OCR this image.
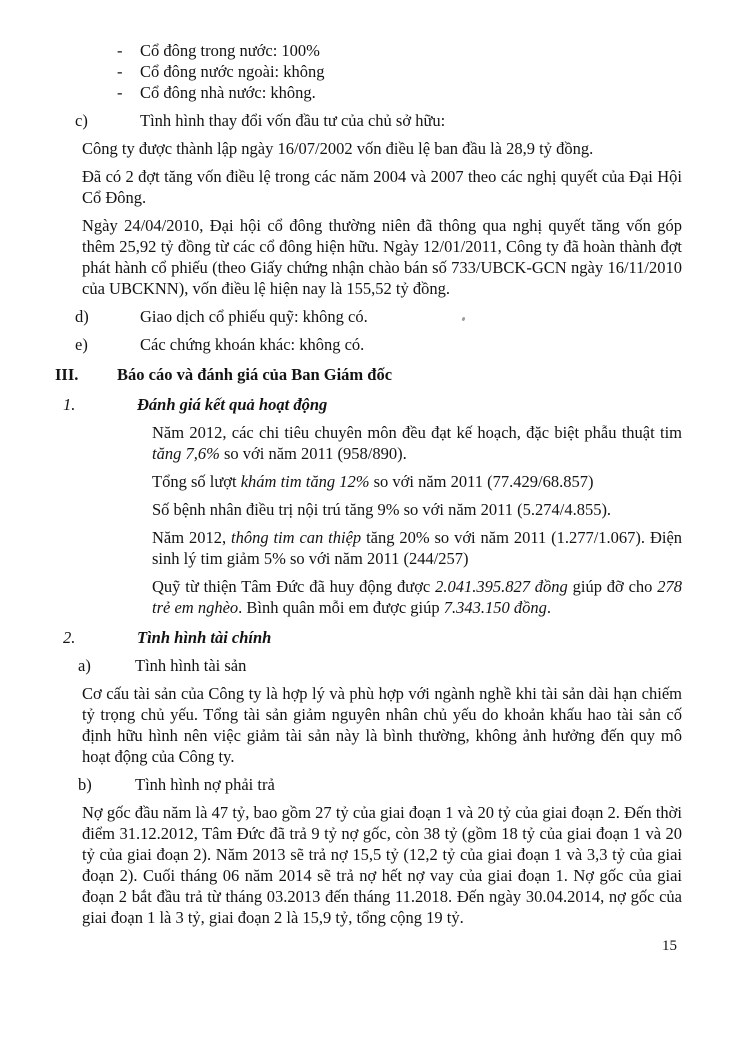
-	Cổ đông trong nước: 100%
-	Cổ đông nước ngoài: không
-	Cổ đông nhà nước: không.
c)	Tình hình thay đổi vốn đầu tư của chủ sở hữu:
Công ty được thành lập ngày 16/07/2002 vốn điều lệ ban đầu là 28,9 tỷ đồng.
Đã có 2 đợt tăng vốn điều lệ trong các năm 2004 và 2007 theo các nghị quyết của Đại Hội Cổ Đông.
Ngày 24/04/2010, Đại hội cổ đông thường niên đã thông qua nghị quyết tăng vốn góp thêm 25,92 tỷ đồng từ các cổ đông hiện hữu. Ngày 12/01/2011, Công ty đã hoàn thành đợt phát hành cổ phiếu (theo Giấy chứng nhận chào bán số 733/UBCK-GCN ngày 16/11/2010 của UBCKNN), vốn điều lệ hiện nay là 155,52 tỷ đồng.
d)	Giao dịch cổ phiếu quỹ: không có.
e)	Các chứng khoán khác: không có.
III.	Báo cáo và đánh giá của Ban Giám đốc
1.	Đánh giá kết quả hoạt động
Năm 2012, các chi tiêu chuyên môn đều đạt kế hoạch, đặc biệt phẫu thuật tim tăng 7,6% so với năm 2011 (958/890).
Tổng số lượt khám tim tăng 12% so với năm 2011 (77.429/68.857)
Số bệnh nhân điều trị nội trú tăng 9% so với năm 2011 (5.274/4.855).
Năm 2012, thông tim can thiệp tăng 20% so với năm 2011 (1.277/1.067). Điện sinh lý tim giảm 5% so với năm 2011 (244/257)
Quỹ từ thiện Tâm Đức đã huy động được 2.041.395.827 đồng giúp đỡ cho 278 trẻ em nghèo. Bình quân mỗi em được giúp 7.343.150 đồng.
2.	Tình hình tài chính
a)	Tình hình tài sản
Cơ cấu tài sản của Công ty là hợp lý và phù hợp với ngành nghề khi tài sản dài hạn chiếm tỷ trọng chủ yếu. Tổng tài sản giảm nguyên nhân chủ yếu do khoản khấu hao tài sản cố định hữu hình nên việc giảm tài sản này là bình thường, không ảnh hưởng đến quy mô hoạt động của Công ty.
b)	Tình hình nợ phải trả
Nợ gốc đầu năm là 47 tỷ, bao gồm 27 tỷ của giai đoạn 1 và 20 tỷ của giai đoạn 2. Đến thời điểm 31.12.2012, Tâm Đức đã trả 9 tỷ nợ gốc, còn 38 tỷ (gồm 18 tỷ của giai đoạn 1 và 20 tỷ của giai đoạn 2). Năm 2013 sẽ trả nợ 15,5 tỷ (12,2 tỷ của giai đoạn 1 và 3,3 tỷ của giai đoạn 2). Cuối tháng 06 năm 2014 sẽ trả nợ hết nợ vay của giai đoạn 1. Nợ gốc của giai đoạn 2 bắt đầu trả từ tháng 03.2013 đến tháng 11.2018. Đến ngày 30.04.2014, nợ gốc của giai đoạn 1 là 3 tỷ, giai đoạn 2 là 15,9 tỷ, tổng cộng 19 tỷ.
15
